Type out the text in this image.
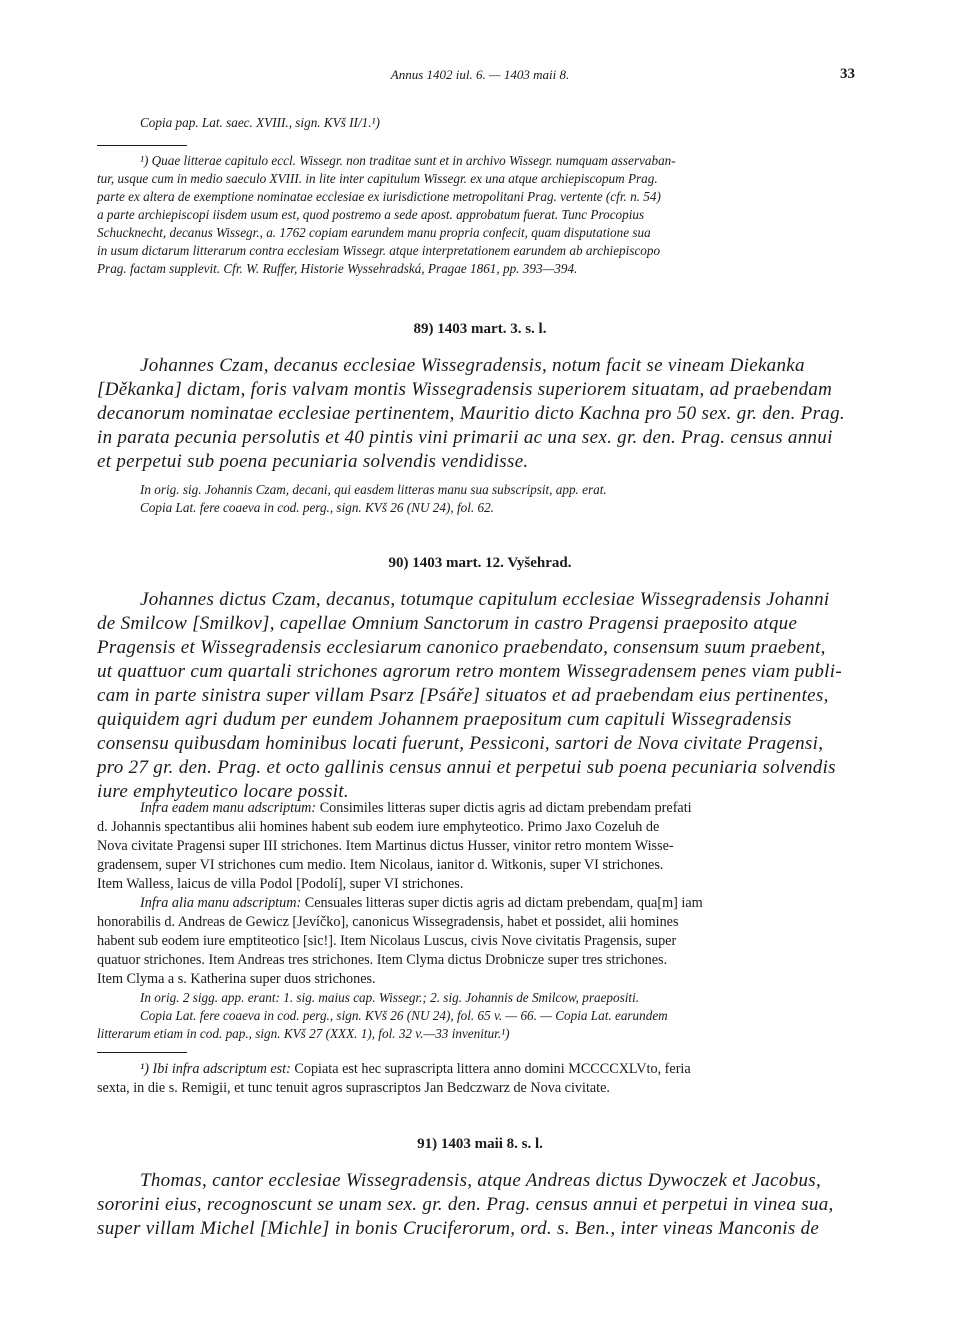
Annus 1402 iul. 6. — 1403 maii 8.	33
Copia pap. Lat. saec. XVIII., sign. KVš II/1.¹)
¹) Quae litterae capitulo eccl. Wissegr. non traditae sunt et in archivo Wissegr. numquam asservaban-
tur, usque cum in medio saeculo XVIII. in lite inter capitulum Wissegr. ex una atque archiepiscopum Prag.
parte ex altera de exemptione nominatae ecclesiae ex iurisdictione metropolitani Prag. vertente (cfr. n. 54)
a parte archiepiscopi iisdem usum est, quod postremo a sede apost. approbatum fuerat. Tunc Procopius
Schucknecht, decanus Wissegr., a. 1762 copiam earundem manu propria confecit, quam disputatione sua
in usum dictarum litterarum contra ecclesiam Wissegr. atque interpretationem earundem ab archiepiscopo
Prag. factam supplevit. Cfr. W. Ruffer, Historie Wyssehradská, Pragae 1861, pp. 393—394.
89) 1403 mart. 3. s. l.
Johannes Czam, decanus ecclesiae Wissegradensis, notum facit se vineam Diekanka
[Děkanka] dictam, foris valvam montis Wissegradensis superiorem situatam, ad praebendam
decanorum nominatae ecclesiae pertinentem, Mauritio dicto Kachna pro 50 sex. gr. den. Prag.
in parata pecunia persolutis et 40 pintis vini primarii ac una sex. gr. den. Prag. census annui
et perpetui sub poena pecuniaria solvendis vendidisse.
In orig. sig. Johannis Czam, decani, qui easdem litteras manu sua subscripsit, app. erat.
Copia Lat. fere coaeva in cod. perg., sign. KVš 26 (NU 24), fol. 62.
90) 1403 mart. 12. Vyšehrad.
Johannes dictus Czam, decanus, totumque capitulum ecclesiae Wissegradensis Johanni
de Smilcow [Smilkov], capellae Omnium Sanctorum in castro Pragensi praeposito atque
Pragensis et Wissegradensis ecclesiarum canonico praebendato, consensum suum praebent,
ut quattuor cum quartali strichones agrorum retro montem Wissegradensem penes viam publi-
cam in parte sinistra super villam Psarz [Psáře] situatos et ad praebendam eius pertinentes,
quiquidem agri dudum per eundem Johannem praepositum cum capituli Wissegradensis
consensu quibusdam hominibus locati fuerunt, Pessiconi, sartori de Nova civitate Pragensi,
pro 27 gr. den. Prag. et octo gallinis census annui et perpetui sub poena pecuniaria solvendis
iure emphyteutico locare possit.
Infra eadem manu adscriptum: Consimiles litteras super dictis agris ad dictam prebendam prefati
d. Johannis spectantibus alii homines habent sub eodem iure emphyteotico. Primo Jaxo Cozeluh de
Nova civitate Pragensi super III strichones. Item Martinus dictus Husser, vinitor retro montem Wisse-
gradensem, super VI strichones cum medio. Item Nicolaus, ianitor d. Witkonis, super VI strichones.
Item Walless, laicus de villa Podol [Podolí], super VI strichones.
Infra alia manu adscriptum: Censuales litteras super dictis agris ad dictam prebendam, qua[m] iam
honorabilis d. Andreas de Gewicz [Jevíčko], canonicus Wissegradensis, habet et possidet, alii homines
habent sub eodem iure emptiteotico [sic!]. Item Nicolaus Luscus, civis Nove civitatis Pragensis, super
quatuor strichones. Item Andreas tres strichones. Item Clyma dictus Drobnicze super tres strichones.
Item Clyma a s. Katherina super duos strichones.
In orig. 2 sigg. app. erant: 1. sig. maius cap. Wissegr.; 2. sig. Johannis de Smilcow, praepositi.
Copia Lat. fere coaeva in cod. perg., sign. KVš 26 (NU 24), fol. 65 v. — 66. — Copia Lat. earundem
litterarum etiam in cod. pap., sign. KVš 27 (XXX. 1), fol. 32 v.—33 invenitur.¹)
¹) Ibi infra adscriptum est: Copiata est hec suprascripta littera anno domini MCCCCXLVto, feria
sexta, in die s. Remigii, et tunc tenuit agros suprascriptos Jan Bedczwarz de Nova civitate.
91) 1403 maii 8. s. l.
Thomas, cantor ecclesiae Wissegradensis, atque Andreas dictus Dywoczek et Jacobus,
sororini eius, recognoscunt se unam sex. gr. den. Prag. census annui et perpetui in vinea sua,
super villam Michel [Michle] in bonis Cruciferorum, ord. s. Ben., inter vineas Manconis de
